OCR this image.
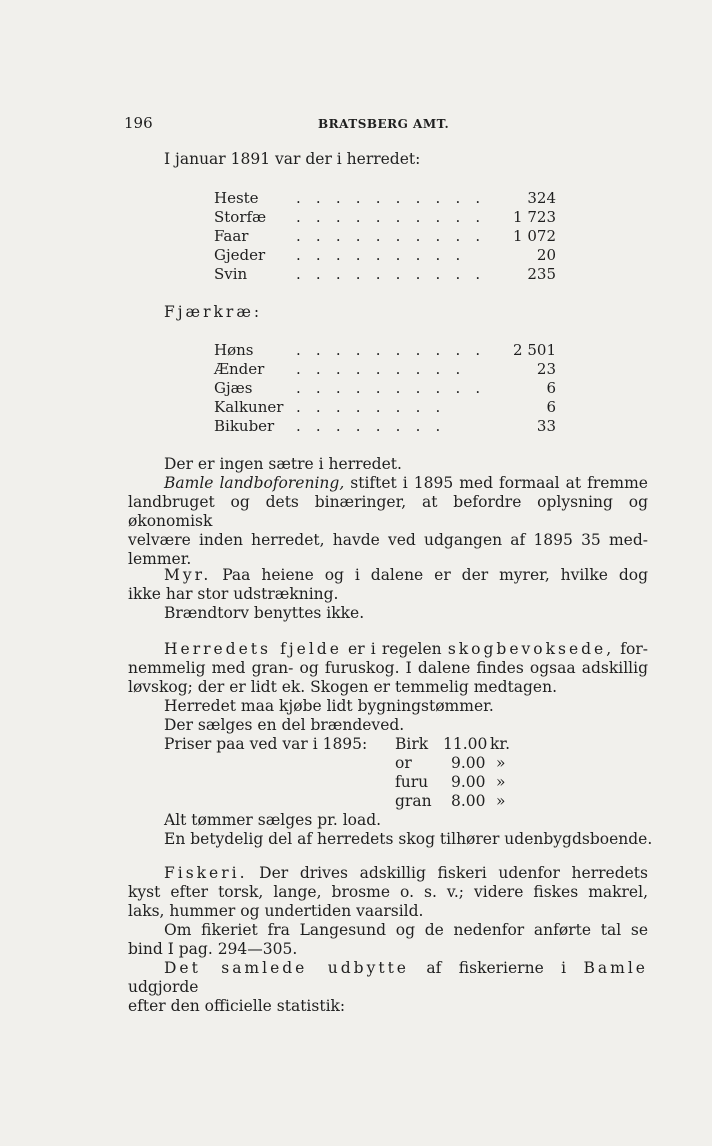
196	BRATSBERG AMT.
I januar 1891 var der i herredet:
Heste . . . . . . . . . .	324
Storfæ . . . . . . . . . . 1 723
Faar	. . . . . . . . . . 1 072
Gjeder . . . . . . . . .	20
Svin	. . . . . . . . . .	235
Fjærkræ:
Høns	. . . . . . . . . . 2 501
Ænder . . . . . . . . .	23
Gjæs	. . . . . . . . . .	6
Kalkuner . . . . . . . .	6
Bikuber . . . . . . . .	33
Der er ingen sætre i herredet.
Bamle landboforening, stiftet i 1895 med formaal at fremme
landbruget og dets binæringer, at befordre oplysning og økonomisk
velvære inden herredet, havde ved udgangen af 1895 35 med-
lemmer.
Myr. Paa heiene og i dalene er der myrer, hvilke dog
ikke har stor udstrækning.
Brændtorv benyttes ikke.
Herredets fjelde er i regelen skogbevoksede, for-
nemmelig med gran- og furuskog. I dalene findes ogsaa adskillig
løvskog; der er lidt ek. Skogen er temmelig medtagen.
Herredet maa kjøbe lidt bygningstømmer.
Der sælges en del brændeved.
Priser paa ved var i 1895: Birk 11.00 kr.
or	9.00 »
furu 9.00 »
gran 8.00 »
Alt tømmer sælges pr. load.
En betydelig del af herredets skog tilhører udenbygdsboende.
Fiskeri. Der drives adskillig fiskeri udenfor herredets
kyst efter torsk, lange, brosme o. s. v.; videre fiskes makrel,
laks, hummer og undertiden vaarsild.
Om fikeriet fra Langesund og de nedenfor anførte tal se
bind I pag. 294—305.
Det samlede udbytte af fiskerierne i Bamle udgjorde
efter den officielle statistik:
